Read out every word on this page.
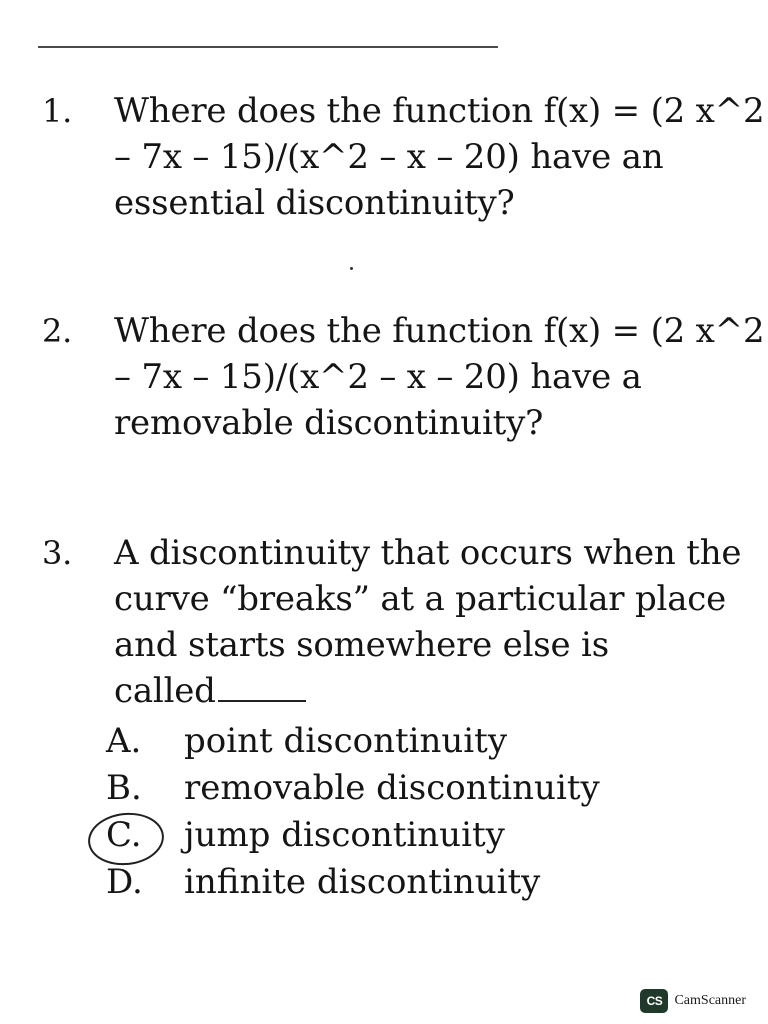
1.	Where does the function f(x) = (2 x^2
– 7x – 15)/(x^2 – x – 20) have an
essential discontinuity?
2.	Where does the function f(x) = (2 x^2
– 7x – 15)/(x^2 – x – 20) have a
removable discontinuity?
3.	A discontinuity that occurs when the
curve “breaks” at a particular place
and starts somewhere else is
called
A.	point discontinuity
B.	removable discontinuity
C.	jump discontinuity
D.	infinite discontinuity
CS CamScanner
